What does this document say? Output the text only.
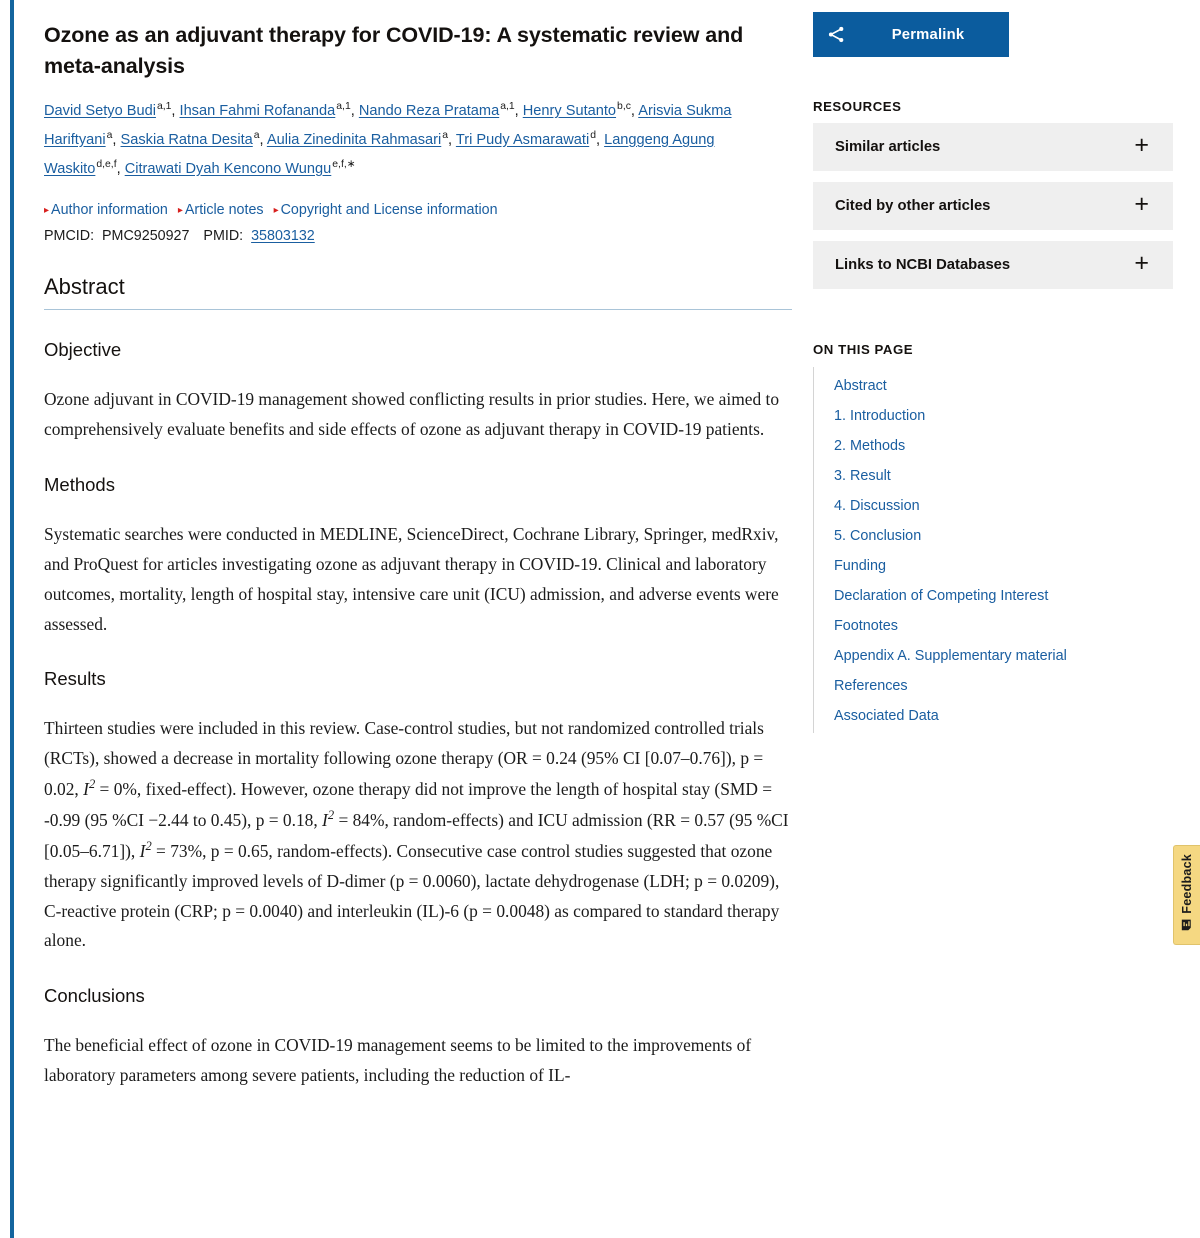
Ozone as an adjuvant therapy for COVID-19: A systematic review and meta-analysis
David Setyo Budi$^{a,1}$, Ihsan Fahmi Rofananda$^{a,1}$, Nando Reza Pratama$^{a,1}$, Henry Sutanto$^{b,c}$, Arisvia Sukma Hariftyani$^a$, Saskia Ratna Desita$^a$, Aulia Zinedinita Rahmasari$^a$, Tri Pudy Asmarawati$^d$, Langgeng Agung Waskito$^{d,e,f}$, Citrawati Dyah Kencono Wungu$^{e,f,∗}$
▸ Author information ▸ Article notes ▸ Copyright and License information
PMCID: PMC9250927 PMID: 35803132
Abstract
Objective

Ozone adjuvant in COVID-19 management showed conflicting results in prior studies. Here, we aimed to comprehensively evaluate benefits and side effects of ozone as adjuvant therapy in COVID-19 patients.

Methods

Systematic searches were conducted in MEDLINE, ScienceDirect, Cochrane Library, Springer, medRxiv, and ProQuest for articles investigating ozone as adjuvant therapy in COVID-19. Clinical and laboratory outcomes, mortality, length of hospital stay, intensive care unit (ICU) admission, and adverse events were assessed.

Results

Thirteen studies were included in this review. Case-control studies, but not randomized controlled trials (RCTs), showed a decrease in mortality following ozone therapy (OR = 0.24 (95% CI [0.07–0.76]), p = 0.02, $I^2 = 0\%$, fixed-effect). However, ozone therapy did not improve the length of hospital stay (SMD = -0.99 (95 %CI −2.44 to 0.45), p = 0.18, $I^2 = 84\%$, random-effects) and ICU admission (RR = 0.57 (95 %CI [0.05–6.71]), $I^2 = 73\%$, p = 0.65, random-effects). Consecutive case control studies suggested that ozone therapy significantly improved levels of D-dimer (p = 0.0060), lactate dehydrogenase (LDH; p = 0.0209), C-reactive protein (CRP; p = 0.0040) and interleukin (IL)-6 (p = 0.0048) as compared to standard therapy alone.

Conclusions

The beneficial effect of ozone in COVID-19 management seems to be limited to the improvements of laboratory parameters among severe patients, including the reduction of IL-

Permalink
RESOURCES
Similar articles	+
Cited by other articles	+
Links to NCBI Databases	+
ON THIS PAGE
Abstract
1. Introduction
2. Methods
3. Result
4. Discussion
5. Conclusion
Funding
Declaration of Competing Interest
Footnotes
Appendix A. Supplementary material
References
Associated Data
Feedback
